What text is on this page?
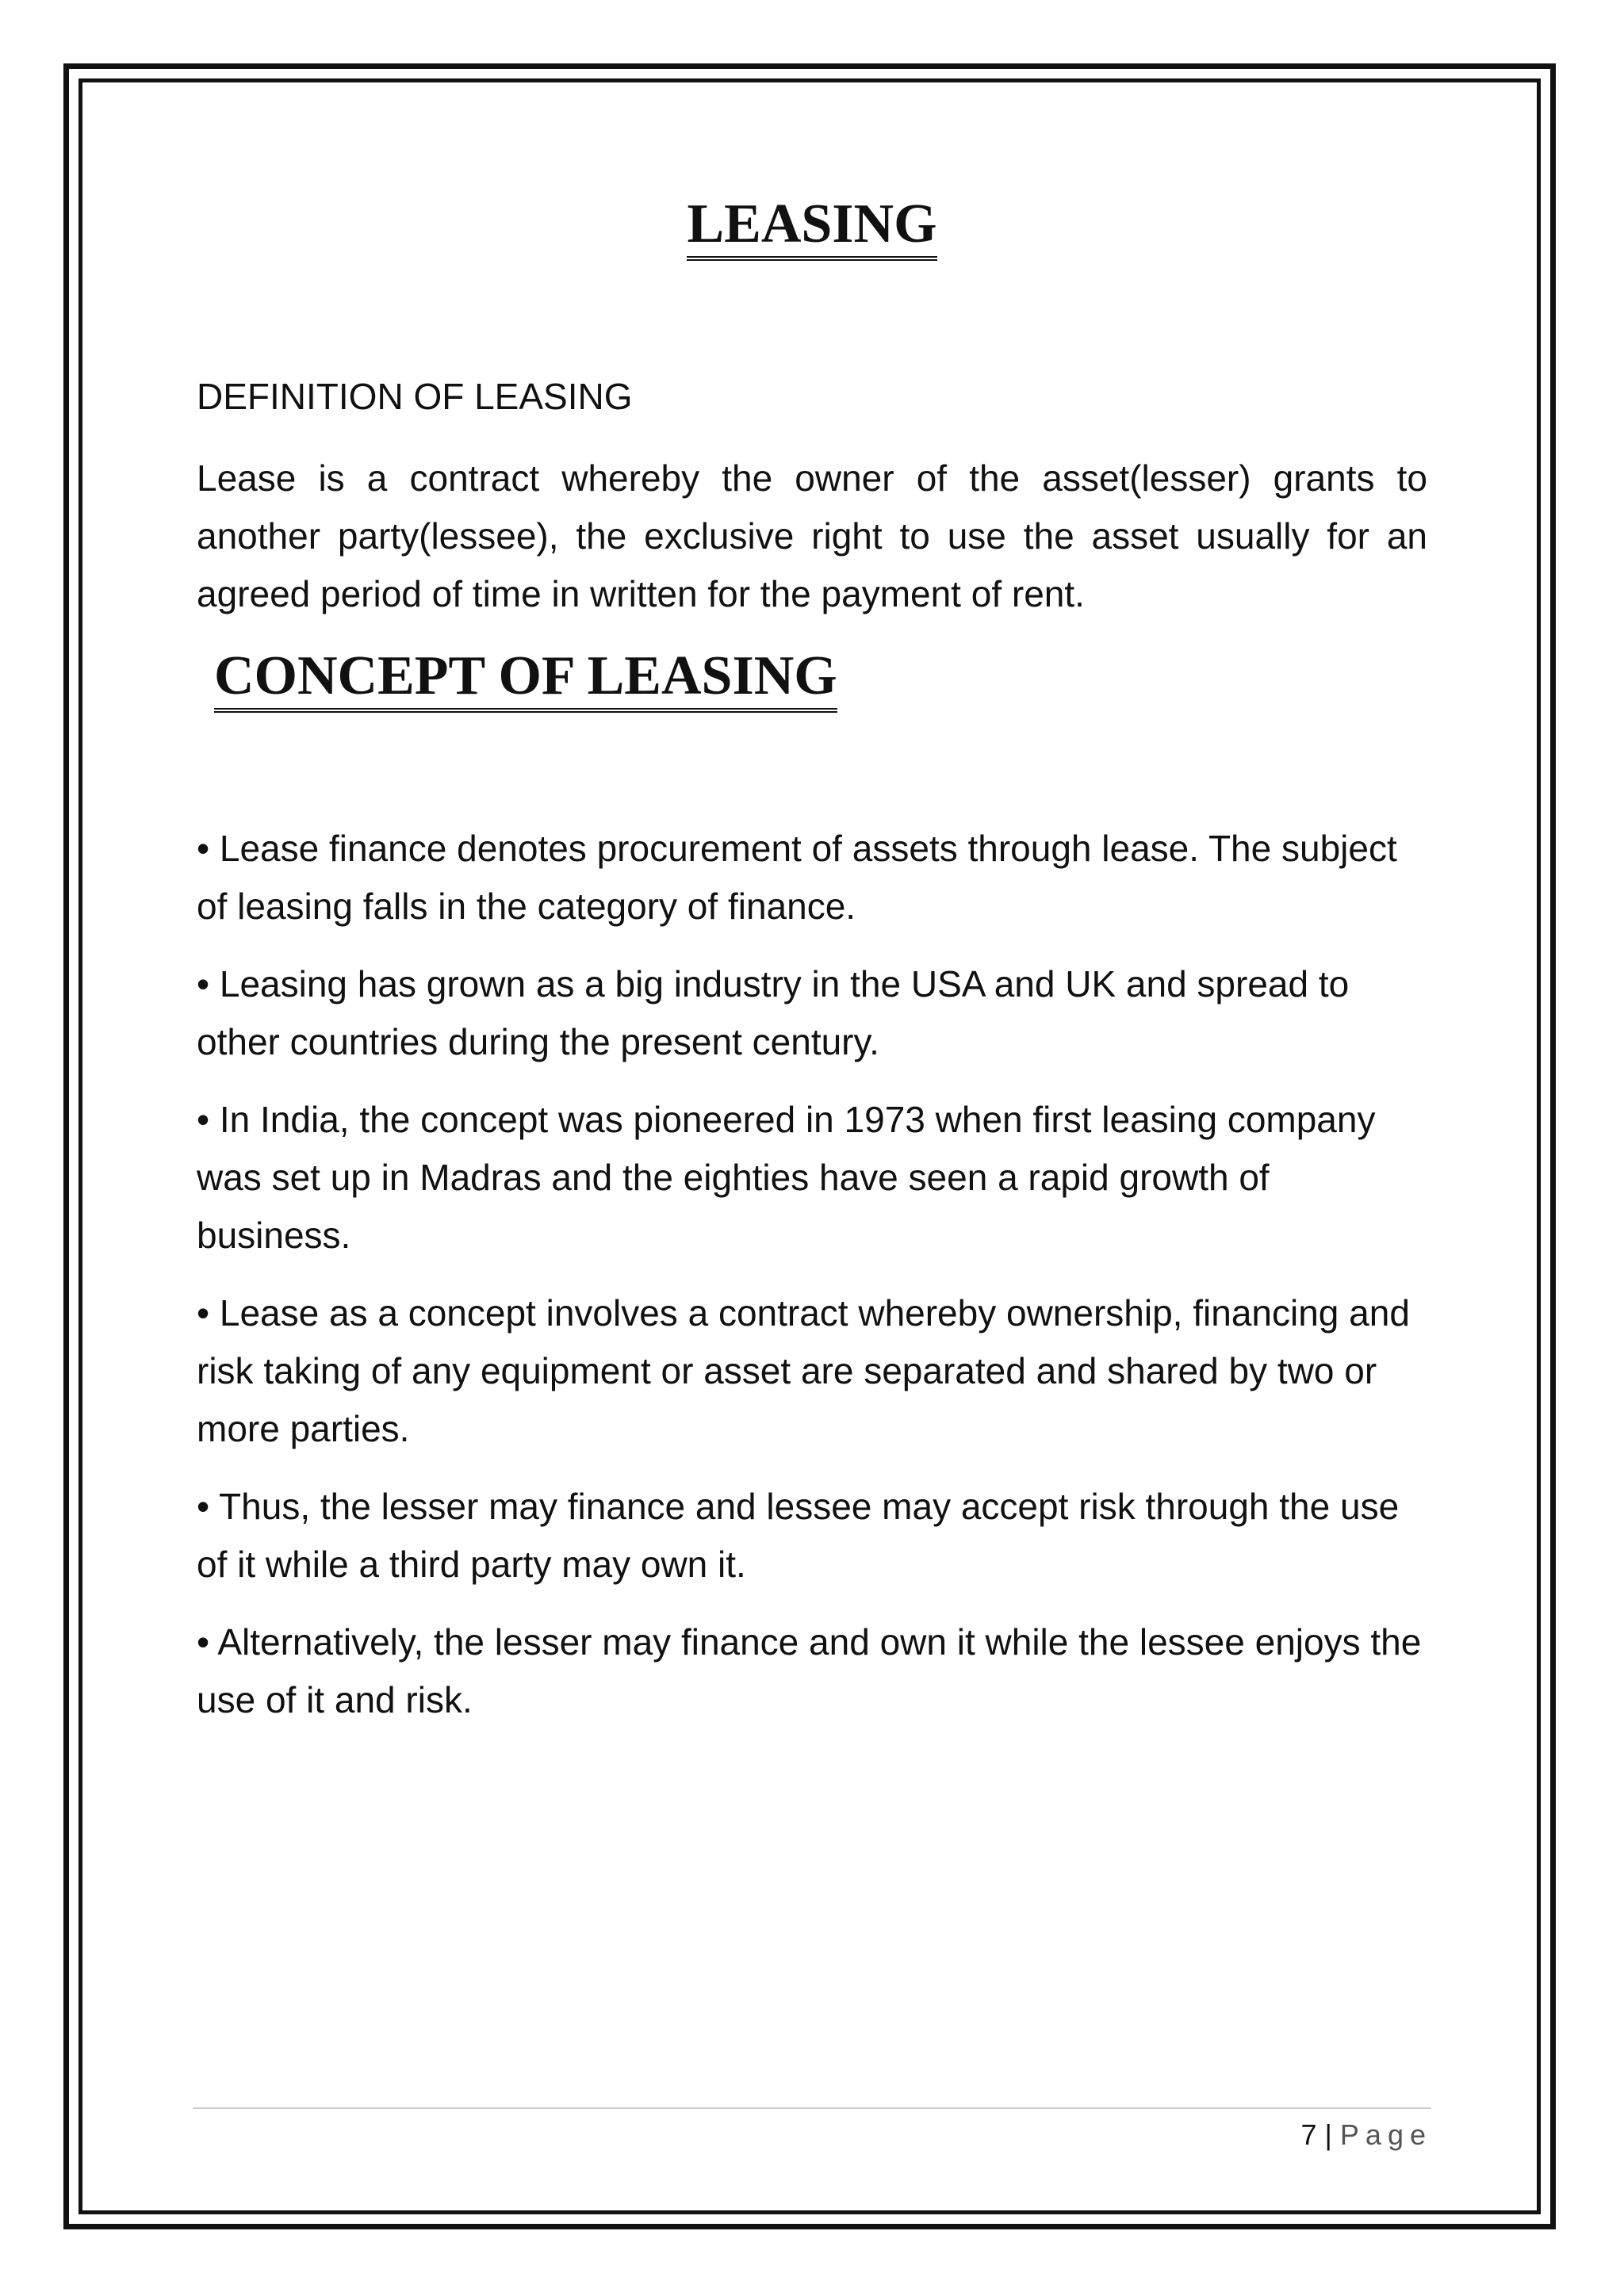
LEASING

DEFINITION OF LEASING

Lease is a contract whereby the owner of the asset(lesser) grants to another party(lessee), the exclusive right to use the asset usually for an agreed period of time in written for the payment of rent.

CONCEPT OF LEASING
• Lease finance denotes procurement of assets through lease. The subject of leasing falls in the category of finance.
• Leasing has grown as a big industry in the USA and UK and spread to other countries during the present century.
• In India, the concept was pioneered in 1973 when first leasing company was set up in Madras and the eighties have seen a rapid growth of business.
• Lease as a concept involves a contract whereby ownership, financing and risk taking of any equipment or asset are separated and shared by two or more parties.
• Thus, the lesser may finance and lessee may accept risk through the use of it while a third party may own it.
• Alternatively, the lesser may finance and own it while the lessee enjoys the use of it and risk.
7 | Page
